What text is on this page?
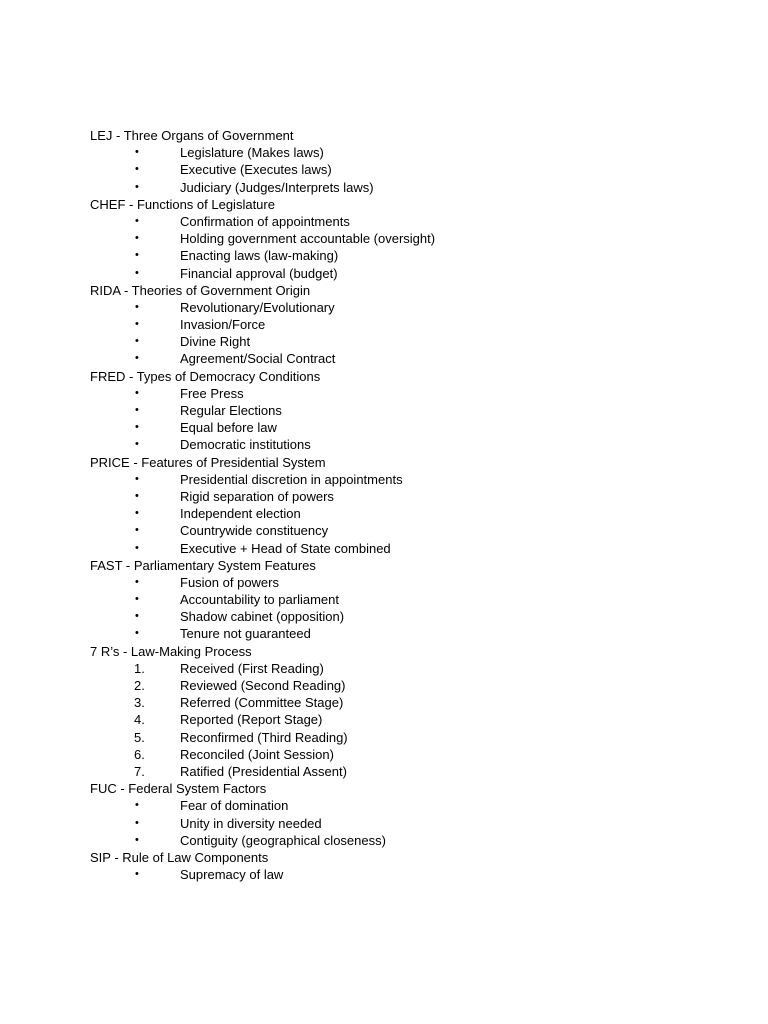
LEJ - Three Organs of Government
•	Legislature (Makes laws)
•	Executive (Executes laws)
•	Judiciary (Judges/Interprets laws)
CHEF - Functions of Legislature
•	Confirmation of appointments
•	Holding government accountable (oversight)
•	Enacting laws (law-making)
•	Financial approval (budget)
RIDA - Theories of Government Origin
•	Revolutionary/Evolutionary
•	Invasion/Force
•	Divine Right
•	Agreement/Social Contract
FRED - Types of Democracy Conditions
•	Free Press
•	Regular Elections
•	Equal before law
•	Democratic institutions
PRICE - Features of Presidential System
•	Presidential discretion in appointments
•	Rigid separation of powers
•	Independent election
•	Countrywide constituency
•	Executive + Head of State combined
FAST - Parliamentary System Features
•	Fusion of powers
•	Accountability to parliament
•	Shadow cabinet (opposition)
•	Tenure not guaranteed
7 R’s - Law-Making Process
1.	Received (First Reading)
2.	Reviewed (Second Reading)
3.	Referred (Committee Stage)
4.	Reported (Report Stage)
5.	Reconfirmed (Third Reading)
6.	Reconciled (Joint Session)
7.	Ratified (Presidential Assent)
FUC - Federal System Factors
•	Fear of domination
•	Unity in diversity needed
•	Contiguity (geographical closeness)
SIP - Rule of Law Components
•	Supremacy of law
